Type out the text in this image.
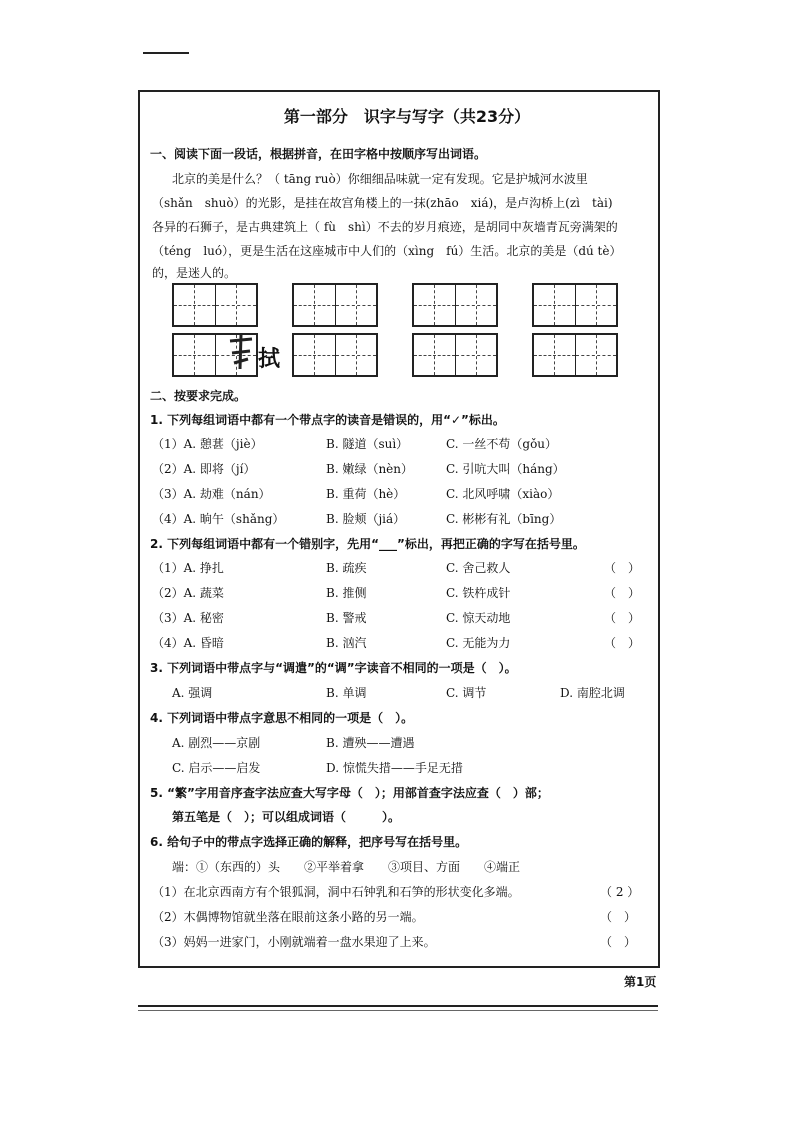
第一部分　识字与写字（共23分）
一、阅读下面一段话，根据拼音，在田字格中按顺序写出词语。
北京的美是什么？（ tāng ruò）你细细品味就一定有发现。它是护城河水波里
（shǎn　shuò）的光影，是挂在故宫角楼上的一抹(zhāo　xiá)，是卢沟桥上(zì　tài)
各异的石狮子，是古典建筑上（ fù　shì）不去的岁月痕迹，是胡同中灰墙青瓦旁满架的
（téng　luó），更是生活在这座城市中人们的（xìng　fú）生活。北京的美是（dú tè）
的，是迷人的。
拭
二、按要求完成。
1. 下列每组词语中都有一个带点字的读音是错误的，用“✓”标出。
（1）A. 憩葚（jiè）	B. 隧道（suì）	C. 一丝不苟（gǒu）
（2）A. 即将（jí）	B. 嫩绿（nèn）	C. 引吭大叫（háng）
（3）A. 劫难（nán）	B. 重荷（hè）	C. 北风呼啸（xiào）
（4）A. 晌午（shǎng）	B. 脸颊（jiá）	C. 彬彬有礼（bīng）
2. 下列每组词语中都有一个错别字，先用“___”标出，再把正确的字写在括号里。
（1）A. 挣扎	B. 疏疾	C. 舍己救人	（　）
（2）A. 蔬菜	B. 推侧	C. 铁杵成针	（　）
（3）A. 秘密	B. 警戒	C. 惊天动地	（　）
（4）A. 昏暗	B. 汹汽	C. 无能为力	（　）
3. 下列词语中带点字与“调遣”的“调”字读音不相同的一项是（　）。
A. 强调	B. 单调	C. 调节	D. 南腔北调
4. 下列词语中带点字意思不相同的一项是（　）。
A. 剧烈——京剧	B. 遭殃——遭遇
C. 启示——启发	D. 惊慌失措——手足无措
5. “繁”字用音序查字法应查大写字母（　）；用部首查字法应查（　）部；
第五笔是（　）；可以组成词语（　　　）。
6. 给句子中的带点字选择正确的解释，把序号写在括号里。
端：①（东西的）头　　②平举着拿　　③项目、方面　　④端正
（1）在北京西南方有个银狐洞，洞中石钟乳和石笋的形状变化多端。	（ 2 ）
（2）木偶博物馆就坐落在眼前这条小路的另一端。	（　）
（3）妈妈一进家门，小刚就端着一盘水果迎了上来。	（　）
第1页
